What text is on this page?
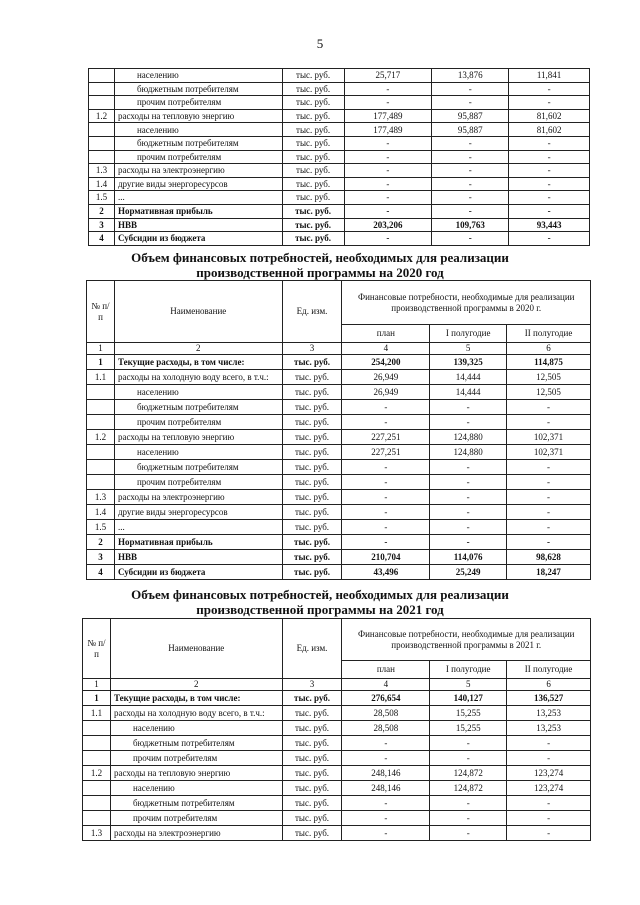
5
	населению	тыс. руб.	25,717	13,876	11,841
	бюджетным потребителям	тыс. руб.	-	-	-
	прочим потребителям	тыс. руб.	-	-	-
1.2	расходы на тепловую энергию	тыс. руб.	177,489	95,887	81,602
	населению	тыс. руб.	177,489	95,887	81,602
	бюджетным потребителям	тыс. руб.	-	-	-
	прочим потребителям	тыс. руб.	-	-	-
1.3	расходы на электроэнергию	тыс. руб.	-	-	-
1.4	другие виды энергоресурсов	тыс. руб.	-	-	-
1.5	...	тыс. руб.	-	-	-
2	Нормативная прибыль	тыс. руб.	-	-	-
3	НВВ	тыс. руб.	203,206	109,763	93,443
4	Субсидии из бюджета	тыс. руб.	-	-	-
Объем финансовых потребностей, необходимых для реализации
производственной программы на 2020 год
№ п/п	Наименование	Ед. изм.	Финансовые потребности, необходимые для реализации производственной программы в 2020 г.		
			план	I полугодие	II полугодие
1	2	3	4	5	6
1	Текущие расходы, в том числе:	тыс. руб.	254,200	139,325	114,875
1.1	расходы на холодную воду всего, в т.ч.:	тыс. руб.	26,949	14,444	12,505
	населению	тыс. руб.	26,949	14,444	12,505
	бюджетным потребителям	тыс. руб.	-	-	-
	прочим потребителям	тыс. руб.	-	-	-
1.2	расходы на тепловую энергию	тыс. руб.	227,251	124,880	102,371
	населению	тыс. руб.	227,251	124,880	102,371
	бюджетным потребителям	тыс. руб.	-	-	-
	прочим потребителям	тыс. руб.	-	-	-
1.3	расходы на электроэнергию	тыс. руб.	-	-	-
1.4	другие виды энергоресурсов	тыс. руб.	-	-	-
1.5	...	тыс. руб.	-	-	-
2	Нормативная прибыль	тыс. руб.	-	-	-
3	НВВ	тыс. руб.	210,704	114,076	98,628
4	Субсидии из бюджета	тыс. руб.	43,496	25,249	18,247
Объем финансовых потребностей, необходимых для реализации
производственной программы на 2021 год
№ п/п	Наименование	Ед. изм.	Финансовые потребности, необходимые для реализации производственной программы в 2021 г.		
			план	I полугодие	II полугодие
1	2	3	4	5	6
1	Текущие расходы, в том числе:	тыс. руб.	276,654	140,127	136,527
1.1	расходы на холодную воду всего, в т.ч.:	тыс. руб.	28,508	15,255	13,253
	населению	тыс. руб.	28,508	15,255	13,253
	бюджетным потребителям	тыс. руб.	-	-	-
	прочим потребителям	тыс. руб.	-	-	-
1.2	расходы на тепловую энергию	тыс. руб.	248,146	124,872	123,274
	населению	тыс. руб.	248,146	124,872	123,274
	бюджетным потребителям	тыс. руб.	-	-	-
	прочим потребителям	тыс. руб.	-	-	-
1.3	расходы на электроэнергию	тыс. руб.	-	-	-
